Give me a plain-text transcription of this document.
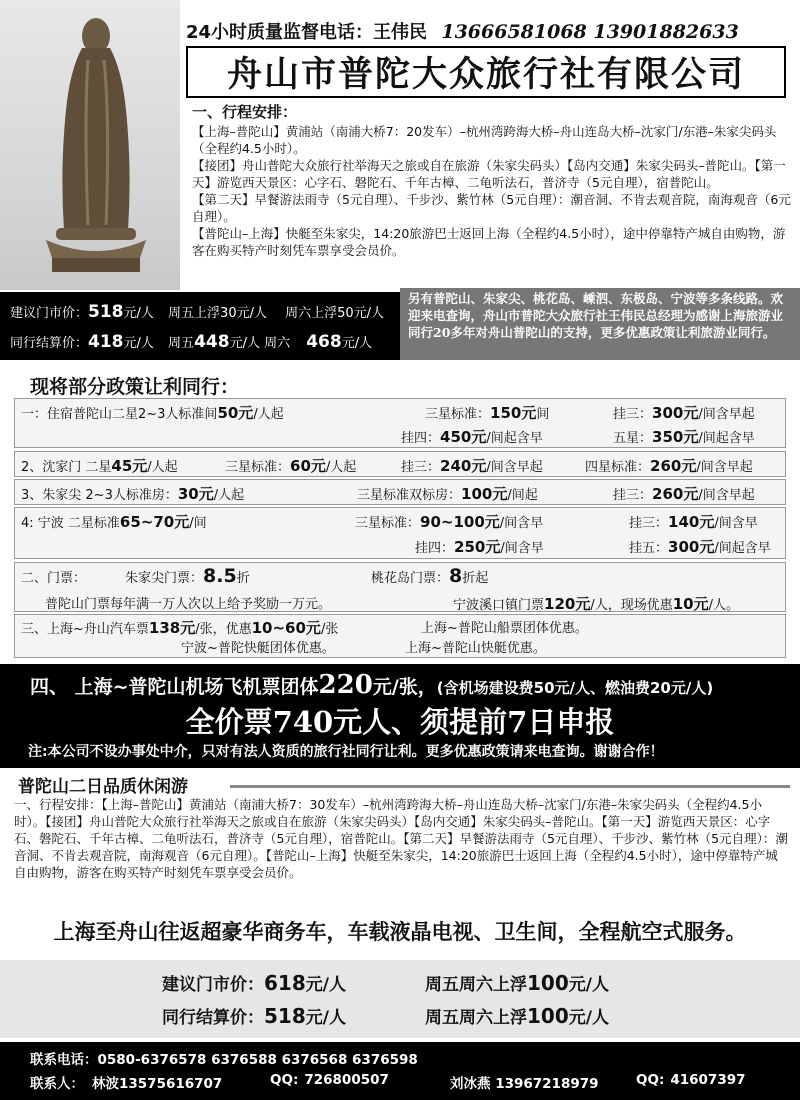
24小时质量监督电话：王伟民 13666581068 13901882633
舟山市普陀大众旅行社有限公司
一、行程安排：
【上海–普陀山】黄浦站（南浦大桥7：20发车）–杭州湾跨海大桥–舟山连岛大桥–沈家门/东港–朱家尖码头（全程约4.5小时）。
【接团】舟山普陀大众旅行社举海天之旅或自在旅游（朱家尖码头）【岛内交通】朱家尖码头–普陀山。【第一天】游览西天景区：心字石、磐陀石、千年古樟、二龟听法石，普济寺（5元自理），宿普陀山。
【第二天】早餐游法雨寺（5元自理）、千步沙、紫竹林（5元自理）：潮音洞、不肯去观音院，南海观音（6元自理）。
【普陀山–上海】快艇至朱家尖，14:20旅游巴士返回上海（全程约4.5小时），途中停靠特产城自由购物，游客在购买特产时刻凭车票享受会员价。
建议门市价：518元/人 周五上浮30元/人 周六上浮50元/人
同行结算价：418元/人 周五448元/人 周六 468元/人
另有普陀山、朱家尖、桃花岛、嵊泗、东极岛、宁波等多条线路。欢迎来电查询，舟山市普陀大众旅行社王伟民总经理为感谢上海旅游业同行20多年对舟山普陀山的支持，更多优惠政策让利旅游业同行。
现将部分政策让利同行：
一：住宿普陀山二星2~3人标准间50元/人起	三星标准：150元间	挂三：300元/间含早起
挂四：450元/间起含早	五星：350元/间起含早
2、沈家门 二星45元/人起	三星标准：60元/人起	挂三：240元/间含早起	四星标准：260元/间含早起
3、朱家尖 2~3人标准房：30元/人起	三星标准双标房：100元/间起	挂三：260元/间含早起
4: 宁波 二星标准65~70元/间	三星标准：90~100元/间含早	挂三：140元/间含早
挂四：250元/间含早	挂五：300元/间起含早
二、门票：	朱家尖门票：8.5折	桃花岛门票：8折起
普陀山门票每年满一万人次以上给予奖励一万元。	宁波溪口镇门票120元/人，现场优惠10元/人。
三、上海~舟山汽车票138元/张，优惠10~60元/张	上海~普陀山船票团体优惠。
宁波~普陀快艇团体优惠。	上海~普陀山快艇优惠。
四、 上海~普陀山机场飞机票团体220元/张，(含机场建设费50元/人、燃油费20元/人)
全价票740元人、须提前7日申报
注:本公司不设办事处中介，只对有法人资质的旅行社同行让利。更多优惠政策请来电查询。谢谢合作！
普陀山二日品质休闲游
一、行程安排：【上海–普陀山】黄浦站（南浦大桥7：30发车）–杭州湾跨海大桥–舟山连岛大桥–沈家门/东港–朱家尖码头（全程约4.5小时）。【接团】舟山普陀大众旅行社举海天之旅或自在旅游（朱家尖码头）【岛内交通】朱家尖码头–普陀山。【第一天】游览西天景区：心字石、磐陀石、千年古樟、二龟听法石，普济寺（5元自理），宿普陀山。【第二天】早餐游法雨寺（5元自理）、千步沙、紫竹林（5元自理）：潮音洞、不肯去观音院，南海观音（6元自理）。【普陀山–上海】快艇至朱家尖，14:20旅游巴士返回上海（全程约4.5小时），途中停靠特产城自由购物，游客在购买特产时刻凭车票享受会员价。
上海至舟山往返超豪华商务车，车载液晶电视、卫生间，全程航空式服务。
建议门市价：618元/人	周五周六上浮100元/人
同行结算价：518元/人	周五周六上浮100元/人
联系电话：0580-6376578 6376588 6376568 6376598
联系人： 林波13575616707	QQ: 726800507	刘冰燕 13967218979	QQ: 41607397
